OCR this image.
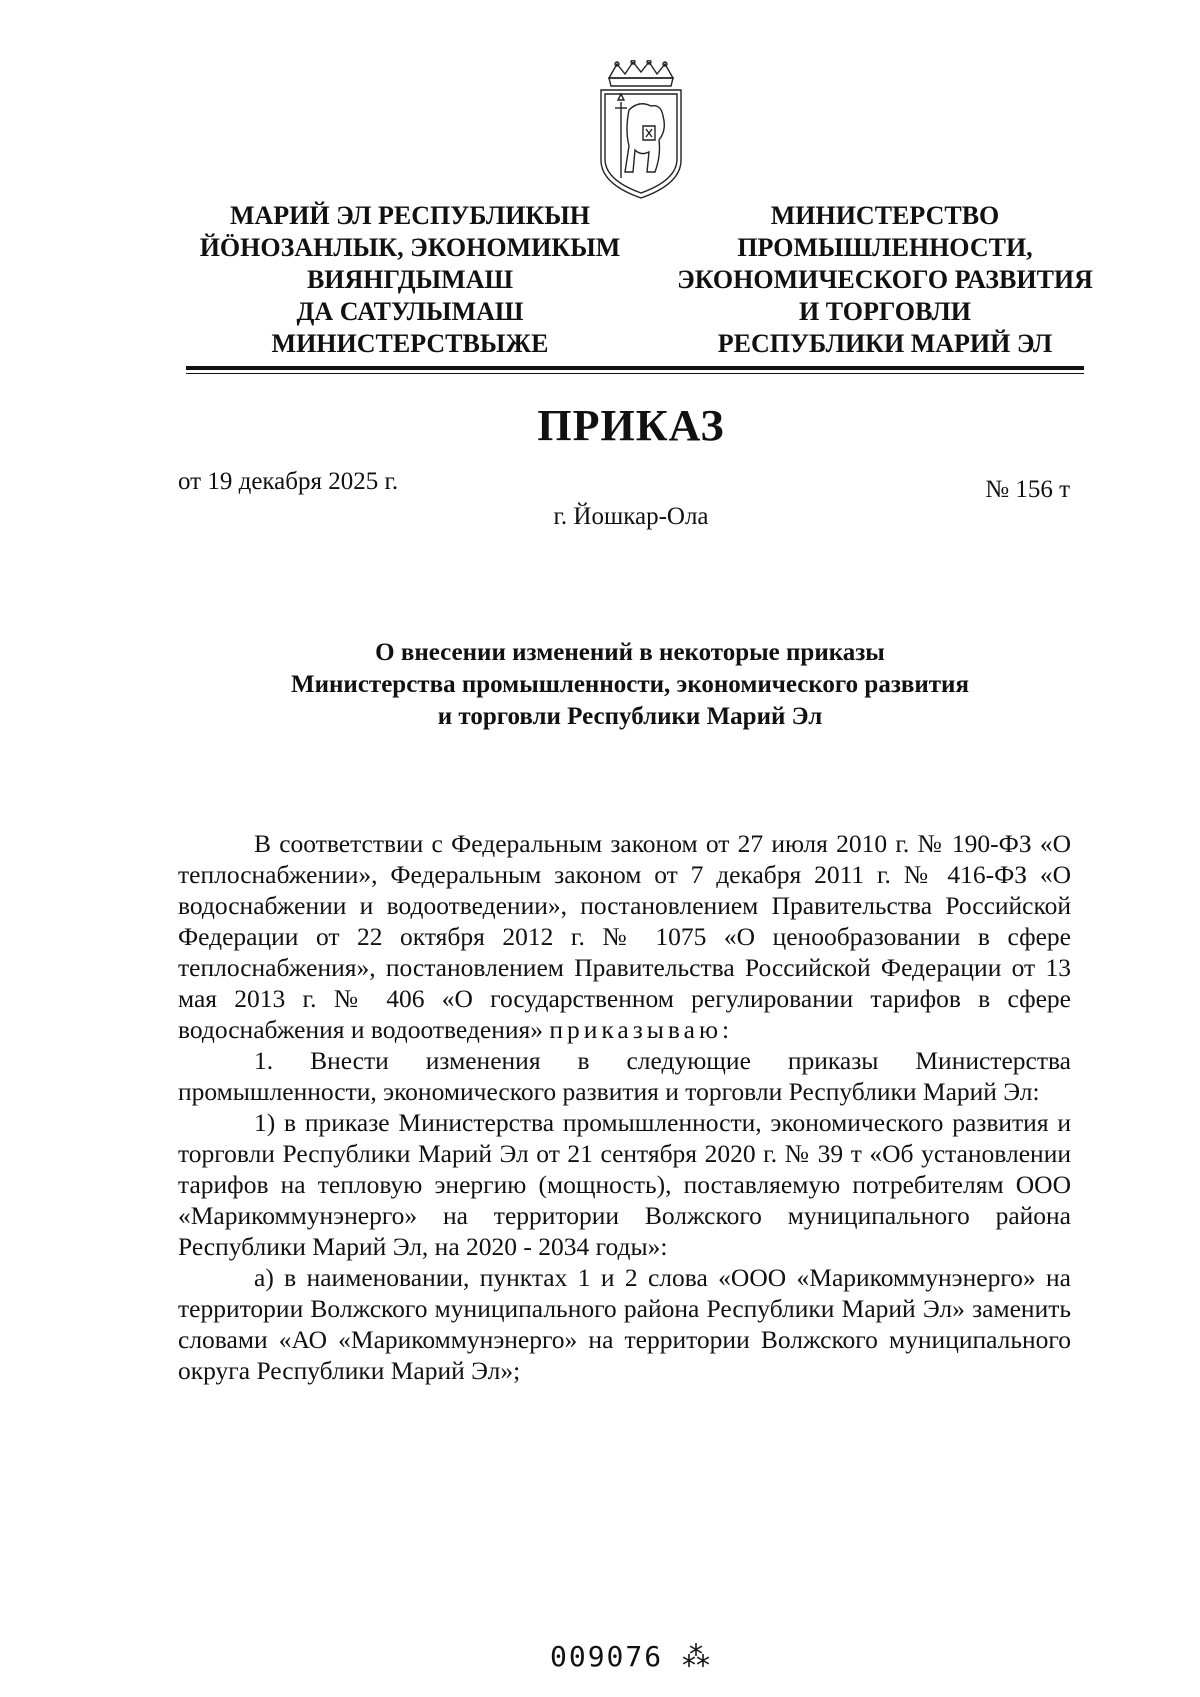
МАРИЙ ЭЛ РЕСПУБЛИКЫН
ЙӦНОЗАНЛЫК, ЭКОНОМИКЫМ
ВИЯНГДЫМАШ
ДА САТУЛЫМАШ
МИНИСТЕРСТВЫЖЕ
МИНИСТЕРСТВО
ПРОМЫШЛЕННОСТИ,
ЭКОНОМИЧЕСКОГО РАЗВИТИЯ
И ТОРГОВЛИ
РЕСПУБЛИКИ МАРИЙ ЭЛ
ПРИКАЗ
от 19 декабря 2025 г.	№ 156 т
г. Йошкар-Ола
О внесении изменений в некоторые приказы
Министерства промышленности, экономического развития
и торговли Республики Марий Эл

В соответствии с Федеральным законом от 27 июля 2010 г. № 190-ФЗ «О теплоснабжении», Федеральным законом от 7 декабря 2011 г. № 416-ФЗ «О водоснабжении и водоотведении», постановлением Правительства Российской Федерации от 22 октября 2012 г. № 1075 «О ценообразовании в сфере теплоснабжения», постановлением Правительства Российской Федерации от 13 мая 2013 г. № 406 «О государственном регулировании тарифов в сфере водоснабжения и водоотведения» приказываю:

1. Внести изменения в следующие приказы Министерства промышленности, экономического развития и торговли Республики Марий Эл:

1) в приказе Министерства промышленности, экономического развития и торговли Республики Марий Эл от 21 сентября 2020 г. № 39 т «Об установлении тарифов на тепловую энергию (мощность), поставляемую потребителям ООО «Марикоммунэнерго» на территории Волжского муниципального района Республики Марий Эл, на 2020 - 2034 годы»:

а) в наименовании, пунктах 1 и 2 слова «ООО «Марикоммунэнерго» на территории Волжского муниципального района Республики Марий Эл» заменить словами «АО «Марикоммунэнерго» на территории Волжского муниципального округа Республики Марий Эл»;

009076 ⁂
